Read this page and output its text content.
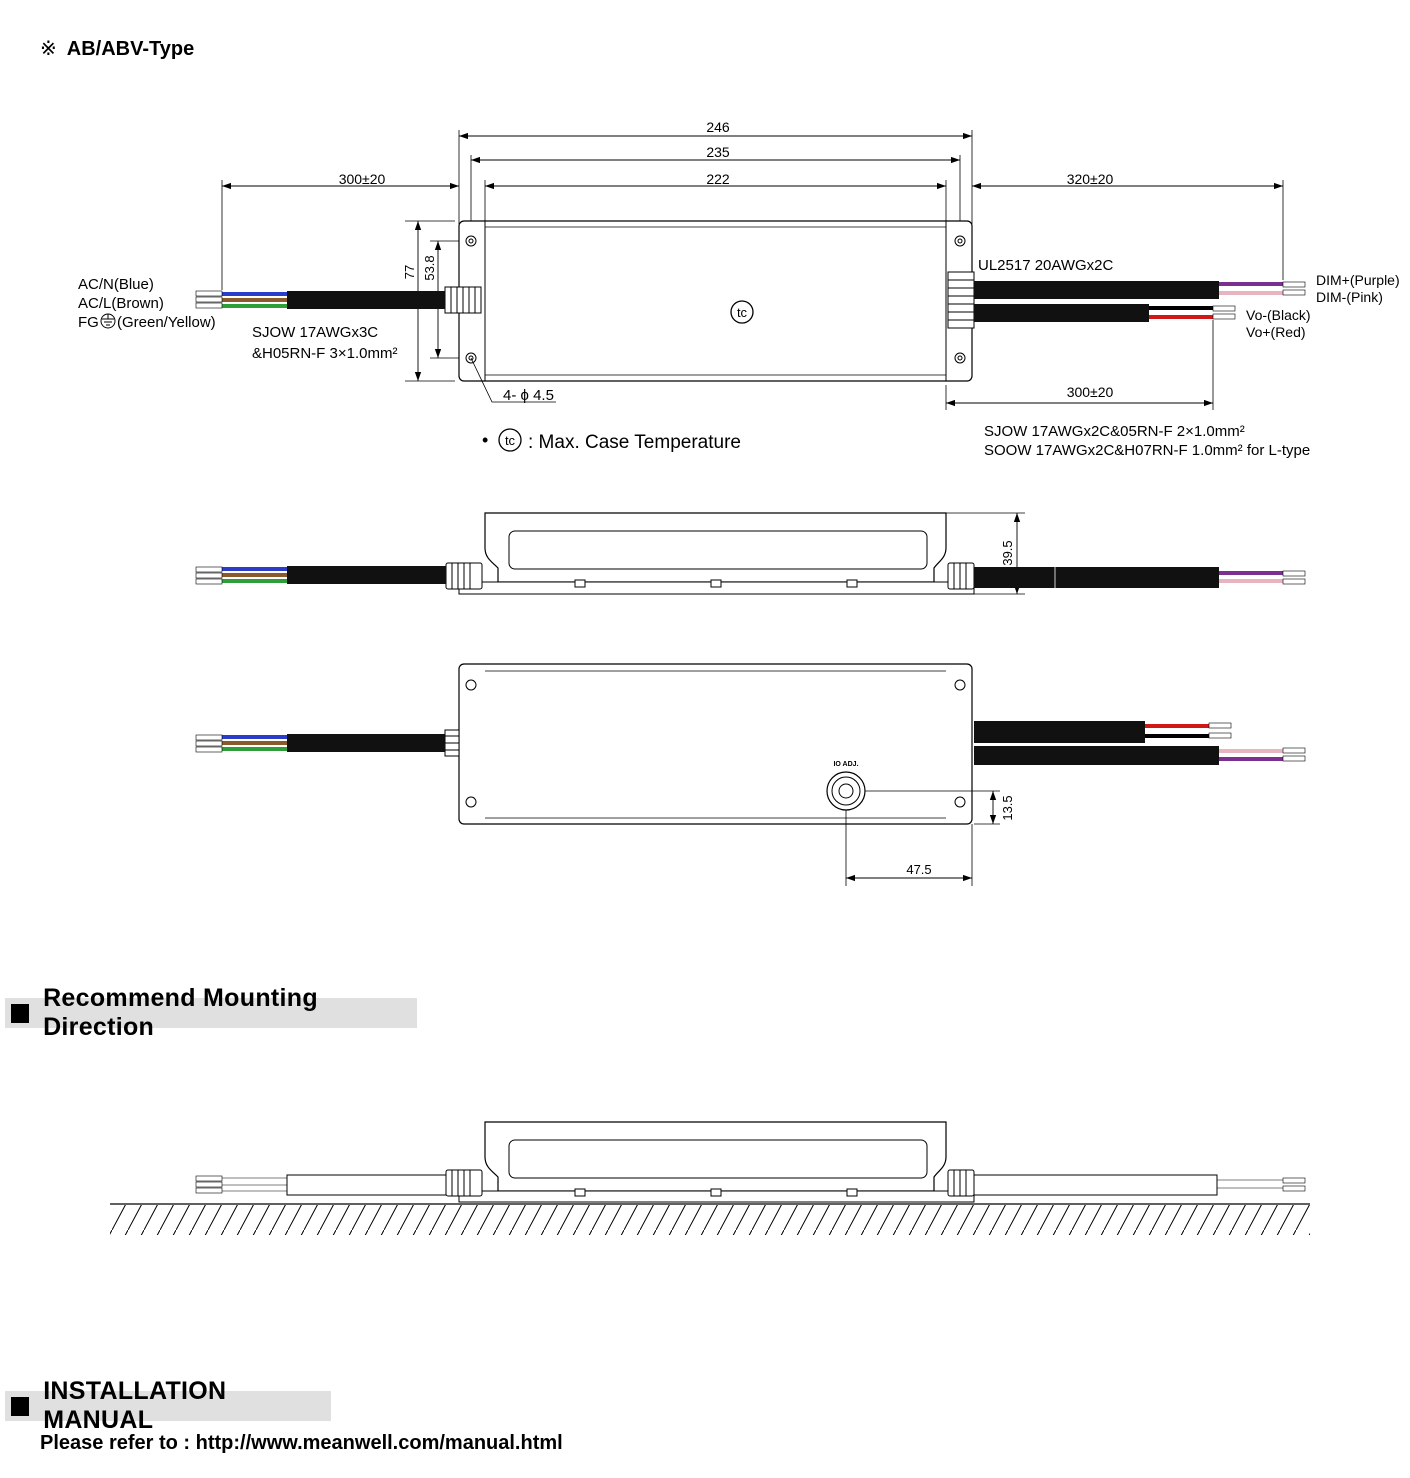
※ AB/ABV-Type
246
235
222
300±20	320±20
300±20
77 53.8
tc
4- ϕ 4.5
AC/N(Blue)
AC/L(Brown)
FG (Green/Yellow)
SJOW 17AWGx3C
&H05RN-F 3×1.0mm²
UL2517 20AWGx2C
DIM+(Purple)
DIM-(Pink)
Vo-(Black)
Vo+(Red)
SJOW 17AWGx2C&05RN-F 2×1.0mm²
SOOW 17AWGx2C&H07RN-F 1.0mm² for L-type
• tc : Max. Case Temperature
39.5
IO ADJ.
13.5
47.5
Recommend Mounting Direction
INSTALLATION MANUAL
Please refer to : http://www.meanwell.com/manual.html
